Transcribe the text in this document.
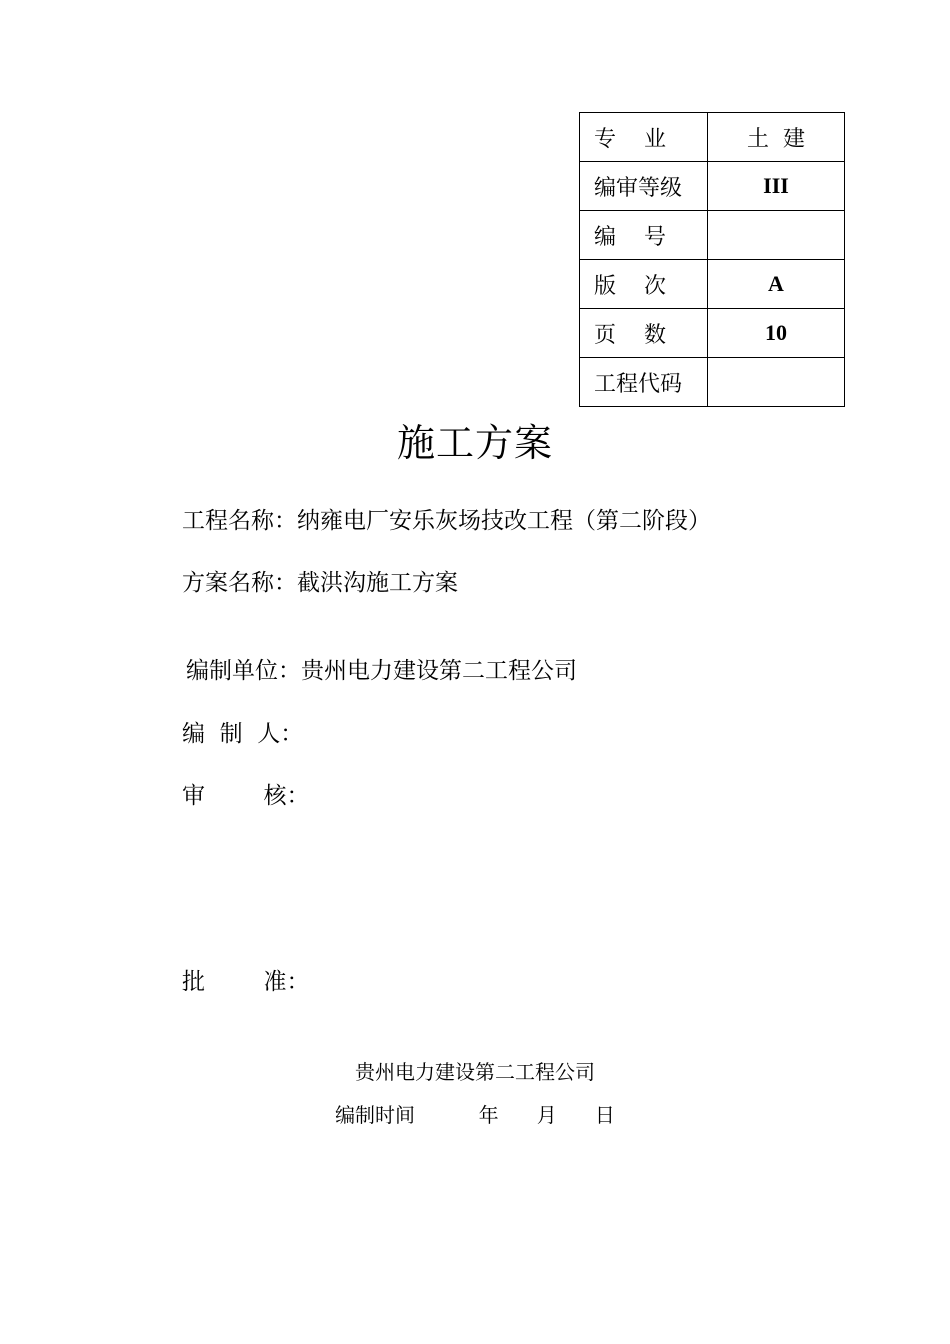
专    业	土  建
编审等级	III
编    号	
版    次	A
页    数	10
工程代码	
施工方案
工程名称：纳雍电厂安乐灰场技改工程（第二阶段）
方案名称：截洪沟施工方案
编制单位：贵州电力建设第二工程公司
编  制  人：
审        核：
批        准：
贵州电力建设第二工程公司
编制时间          年      月      日
